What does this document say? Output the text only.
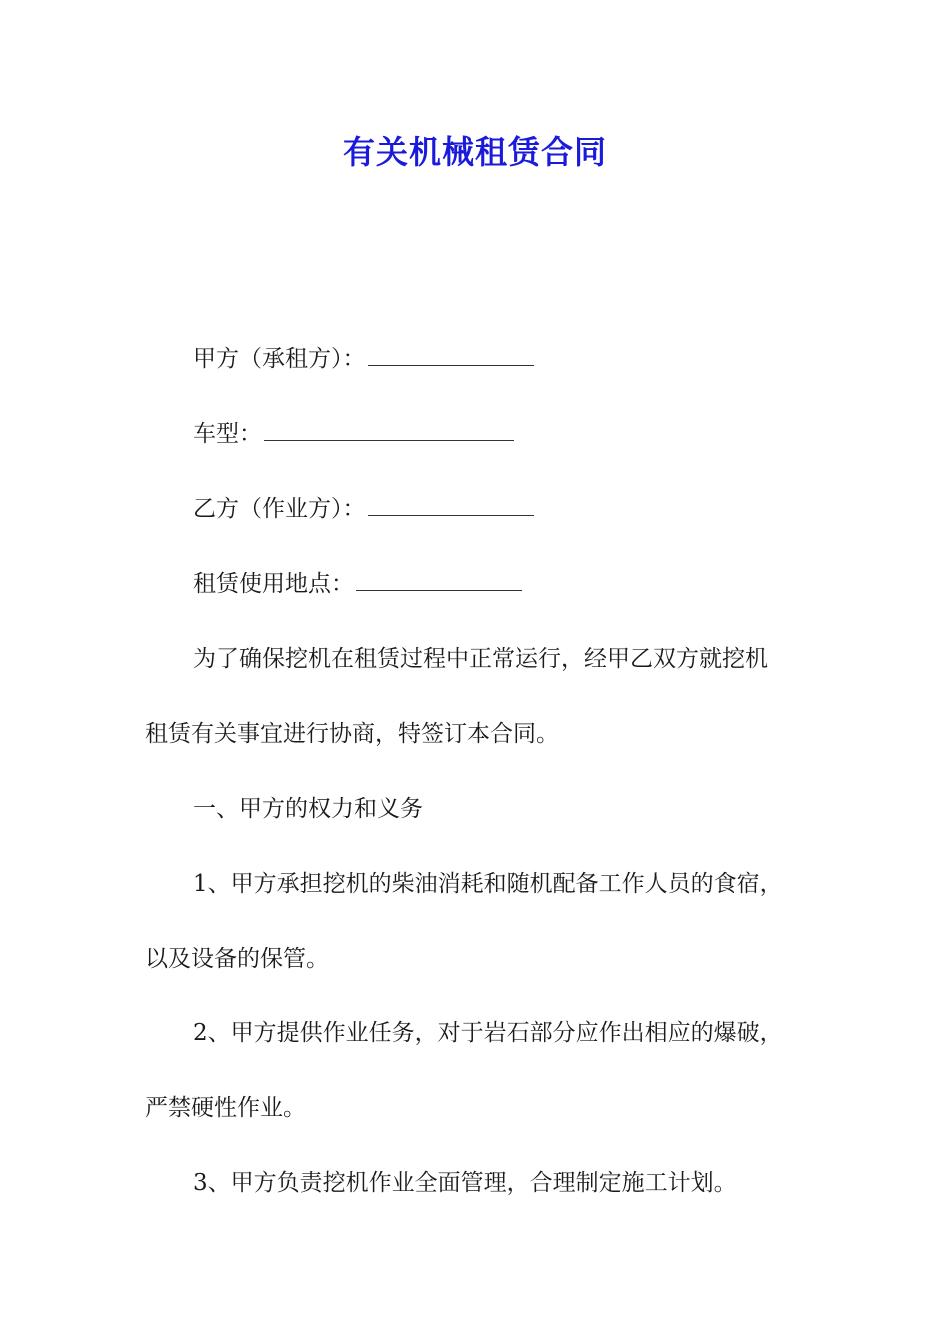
有关机械租赁合同
甲方（承租方）：
车型：
乙方（作业方）：
租赁使用地点：

为了确保挖机在租赁过程中正常运行，经甲乙双方就挖机

租赁有关事宜进行协商，特签订本合同。

一、甲方的权力和义务

1、甲方承担挖机的柴油消耗和随机配备工作人员的食宿，

以及设备的保管。

2、甲方提供作业任务，对于岩石部分应作出相应的爆破，

严禁硬性作业。

3、甲方负责挖机作业全面管理，合理制定施工计划。
